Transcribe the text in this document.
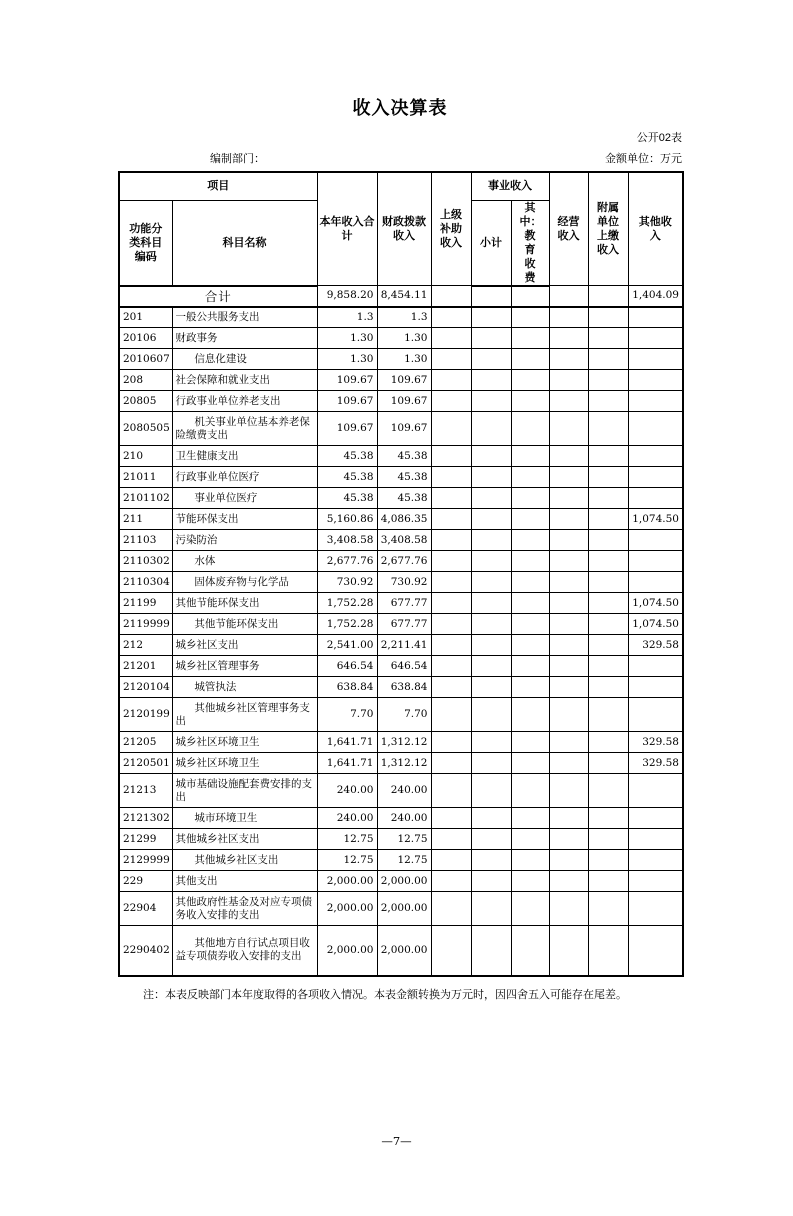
收入决算表
公开02表
编制部门：	金额单位：万元
项目		本年收入合计	财政拨款收入	上级补助收入	事业收入		经营收入	附属单位上缴收入	其他收入
功能分类科目编码	科目名称				小计	其中：教育收费			
合计		9,858.20	8,454.11						1,404.09
201	一般公共服务支出	1.3	1.3						
20106	财政事务	1.30	1.30						
2010607	信息化建设	1.30	1.30						
208	社会保障和就业支出	109.67	109.67						
20805	行政事业单位养老支出	109.67	109.67						
2080505	机关事业单位基本养老保险缴费支出	109.67	109.67						
210	卫生健康支出	45.38	45.38						
21011	行政事业单位医疗	45.38	45.38						
2101102	事业单位医疗	45.38	45.38						
211	节能环保支出	5,160.86	4,086.35						1,074.50
21103	污染防治	3,408.58	3,408.58						
2110302	水体	2,677.76	2,677.76						
2110304	固体废弃物与化学品	730.92	730.92						
21199	其他节能环保支出	1,752.28	677.77						1,074.50
2119999	其他节能环保支出	1,752.28	677.77						1,074.50
212	城乡社区支出	2,541.00	2,211.41						329.58
21201	城乡社区管理事务	646.54	646.54						
2120104	城管执法	638.84	638.84						
2120199	其他城乡社区管理事务支出	7.70	7.70						
21205	城乡社区环境卫生	1,641.71	1,312.12						329.58
2120501	城乡社区环境卫生	1,641.71	1,312.12						329.58
21213	城市基础设施配套费安排的支出	240.00	240.00						
2121302	城市环境卫生	240.00	240.00						
21299	其他城乡社区支出	12.75	12.75						
2129999	其他城乡社区支出	12.75	12.75						
229	其他支出	2,000.00	2,000.00						
22904	其他政府性基金及对应专项债务收入安排的支出	2,000.00	2,000.00						
2290402	其他地方自行试点项目收益专项债券收入安排的支出	2,000.00	2,000.00						
注：本表反映部门本年度取得的各项收入情况。本表金额转换为万元时，因四舍五入可能存在尾差。
—7—
